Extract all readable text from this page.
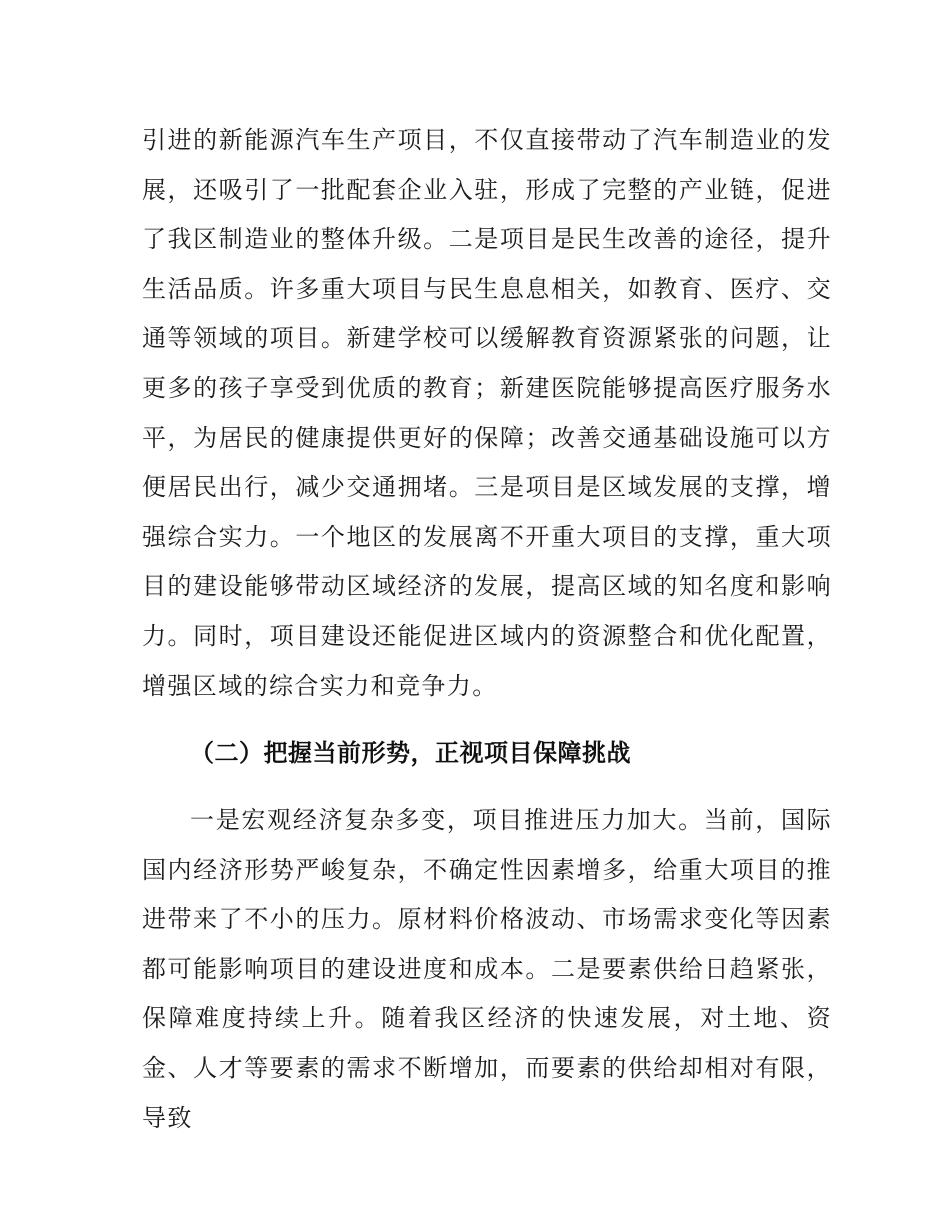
引进的新能源汽车生产项目，不仅直接带动了汽车制造业的发展，还吸引了一批配套企业入驻，形成了完整的产业链，促进了我区制造业的整体升级。二是项目是民生改善的途径，提升生活品质。许多重大项目与民生息息相关，如教育、医疗、交通等领域的项目。新建学校可以缓解教育资源紧张的问题，让更多的孩子享受到优质的教育；新建医院能够提高医疗服务水平，为居民的健康提供更好的保障；改善交通基础设施可以方便居民出行，减少交通拥堵。三是项目是区域发展的支撑，增强综合实力。一个地区的发展离不开重大项目的支撑，重大项目的建设能够带动区域经济的发展，提高区域的知名度和影响力。同时，项目建设还能促进区域内的资源整合和优化配置，增强区域的综合实力和竞争力。

（二）把握当前形势，正视项目保障挑战

一是宏观经济复杂多变，项目推进压力加大。当前，国际国内经济形势严峻复杂，不确定性因素增多，给重大项目的推进带来了不小的压力。原材料价格波动、市场需求变化等因素都可能影响项目的建设进度和成本。二是要素供给日趋紧张，保障难度持续上升。随着我区经济的快速发展，对土地、资金、人才等要素的需求不断增加，而要素的供给却相对有限，导致
